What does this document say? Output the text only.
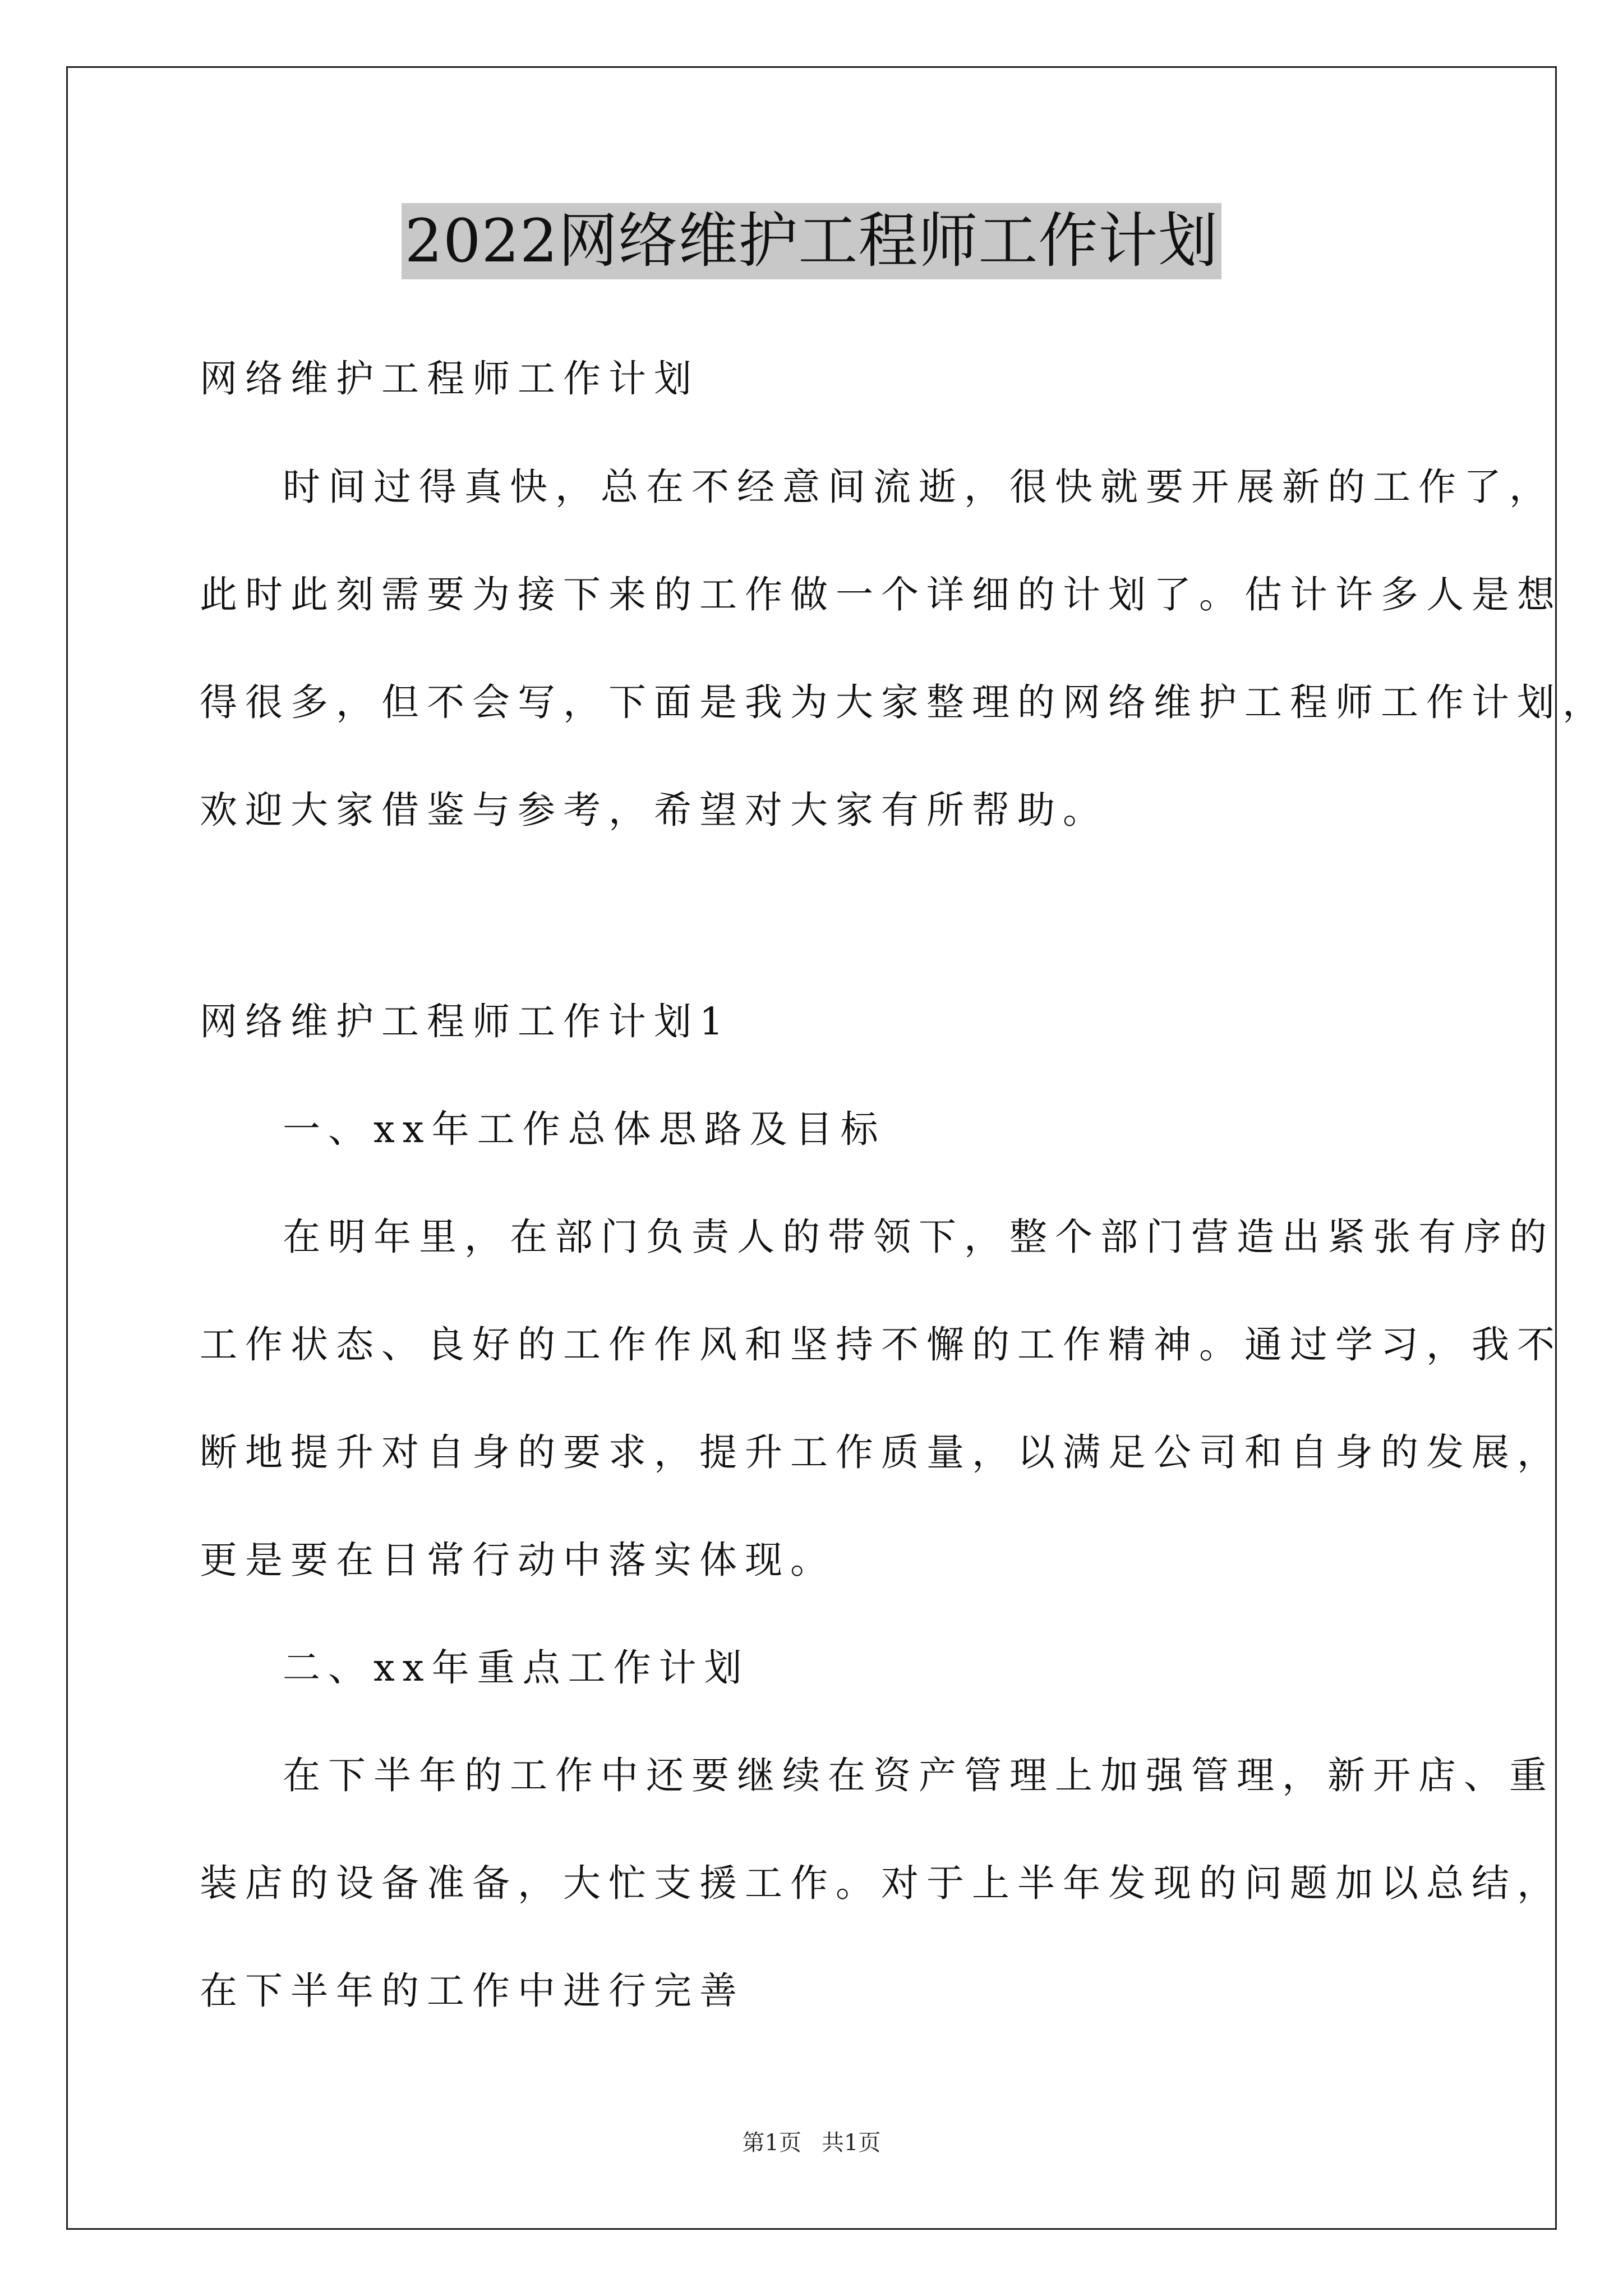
2022网络维护工程师工作计划
网络维护工程师工作计划
时间过得真快，总在不经意间流逝，很快就要开展新的工作了，
此时此刻需要为接下来的工作做一个详细的计划了。估计许多人是想
得很多，但不会写，下面是我为大家整理的网络维护工程师工作计划，
欢迎大家借鉴与参考，希望对大家有所帮助。
网络维护工程师工作计划1
一、xx年工作总体思路及目标
在明年里，在部门负责人的带领下，整个部门营造出紧张有序的
工作状态、良好的工作作风和坚持不懈的工作精神。通过学习，我不
断地提升对自身的要求，提升工作质量，以满足公司和自身的发展，
更是要在日常行动中落实体现。
二、xx年重点工作计划
在下半年的工作中还要继续在资产管理上加强管理，新开店、重
装店的设备准备，大忙支援工作。对于上半年发现的问题加以总结，
在下半年的工作中进行完善
第1页 共1页
